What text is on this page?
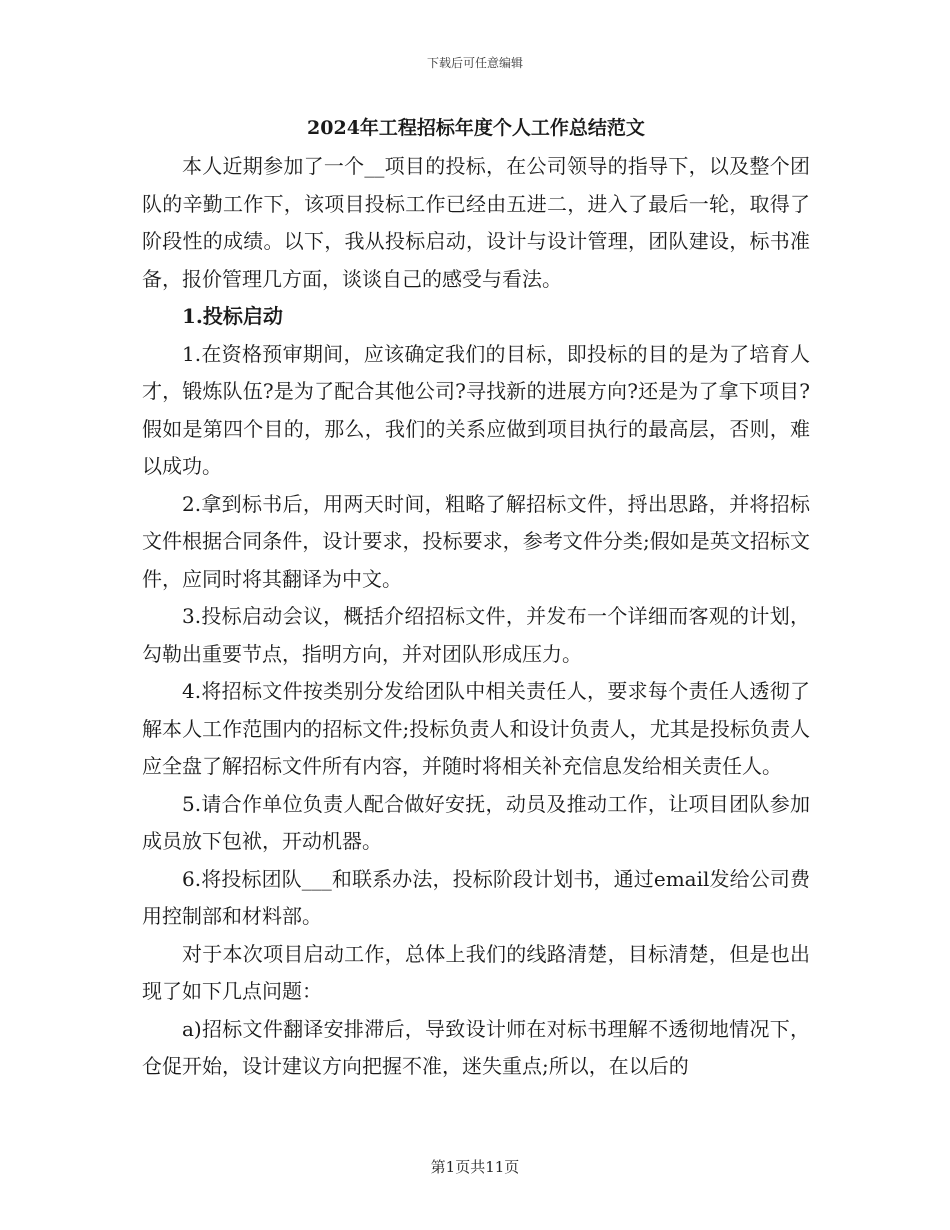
下载后可任意编辑
2024年工程招标年度个人工作总结范文

本人近期参加了一个__项目的投标，在公司领导的指导下，以及整个团队的辛勤工作下，该项目投标工作已经由五进二，进入了最后一轮，取得了阶段性的成绩。以下，我从投标启动，设计与设计管理，团队建设，标书准备，报价管理几方面，谈谈自己的感受与看法。

1.投标启动

1.在资格预审期间，应该确定我们的目标，即投标的目的是为了培育人才，锻炼队伍?是为了配合其他公司?寻找新的进展方向?还是为了拿下项目?假如是第四个目的，那么，我们的关系应做到项目执行的最高层，否则，难以成功。

2.拿到标书后，用两天时间，粗略了解招标文件，捋出思路，并将招标文件根据合同条件，设计要求，投标要求，参考文件分类;假如是英文招标文件，应同时将其翻译为中文。

3.投标启动会议，概括介绍招标文件，并发布一个详细而客观的计划，勾勒出重要节点，指明方向，并对团队形成压力。

4.将招标文件按类别分发给团队中相关责任人，要求每个责任人透彻了解本人工作范围内的招标文件;投标负责人和设计负责人，尤其是投标负责人应全盘了解招标文件所有内容，并随时将相关补充信息发给相关责任人。

5.请合作单位负责人配合做好安抚，动员及推动工作，让项目团队参加成员放下包袱，开动机器。

6.将投标团队___和联系办法，投标阶段计划书，通过email发给公司费用控制部和材料部。

对于本次项目启动工作，总体上我们的线路清楚，目标清楚，但是也出现了如下几点问题：

a)招标文件翻译安排滞后，导致设计师在对标书理解不透彻地情况下，仓促开始，设计建议方向把握不准，迷失重点;所以，在以后的

第1页共11页
